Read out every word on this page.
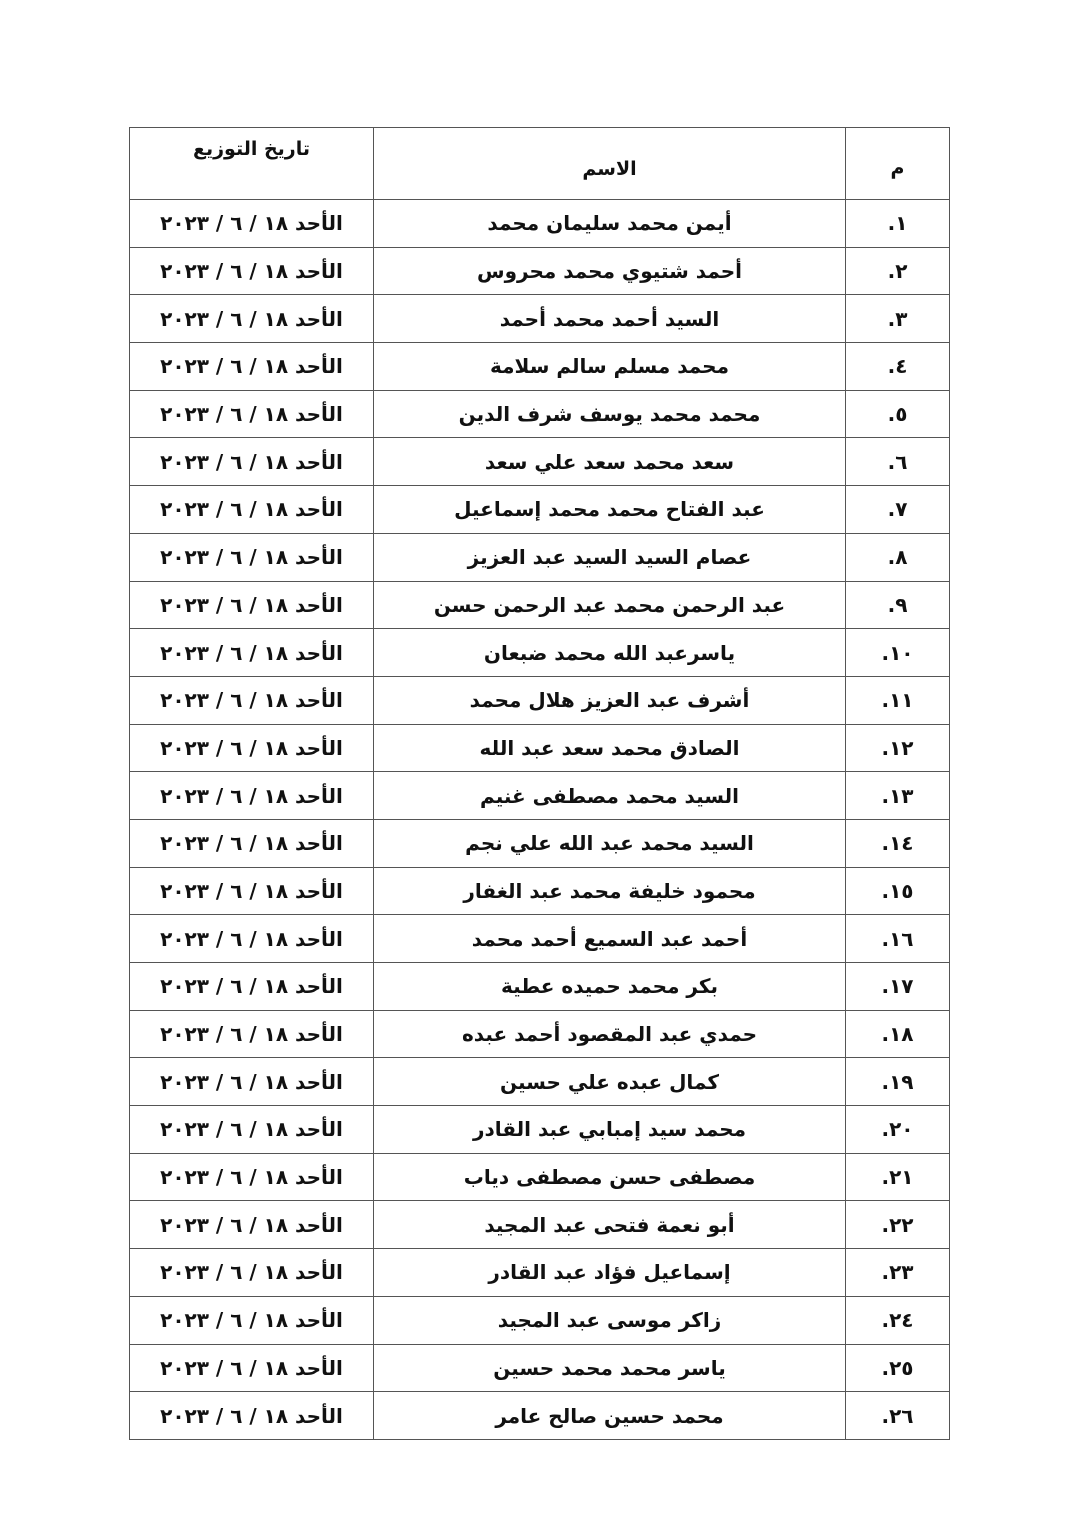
م	الاسم	تاريخ التوزيع
١.	أيمن محمد سليمان محمد	الأحد ١٨ / ٦ / ٢٠٢٣
٢.	أحمد شتيوي محمد محروس	الأحد ١٨ / ٦ / ٢٠٢٣
٣.	السيد أحمد محمد أحمد	الأحد ١٨ / ٦ / ٢٠٢٣
٤.	محمد مسلم سالم سلامة	الأحد ١٨ / ٦ / ٢٠٢٣
٥.	محمد محمد يوسف شرف الدين	الأحد ١٨ / ٦ / ٢٠٢٣
٦.	سعد محمد سعد علي سعد	الأحد ١٨ / ٦ / ٢٠٢٣
٧.	عبد الفتاح محمد محمد إسماعيل	الأحد ١٨ / ٦ / ٢٠٢٣
٨.	عصام السيد السيد عبد العزيز	الأحد ١٨ / ٦ / ٢٠٢٣
٩.	عبد الرحمن محمد عبد الرحمن حسن	الأحد ١٨ / ٦ / ٢٠٢٣
١٠.	ياسرعبد الله محمد ضبعان	الأحد ١٨ / ٦ / ٢٠٢٣
١١.	أشرف عبد العزيز هلال محمد	الأحد ١٨ / ٦ / ٢٠٢٣
١٢.	الصادق محمد سعد عبد الله	الأحد ١٨ / ٦ / ٢٠٢٣
١٣.	السيد محمد مصطفى غنيم	الأحد ١٨ / ٦ / ٢٠٢٣
١٤.	السيد محمد عبد الله علي نجم	الأحد ١٨ / ٦ / ٢٠٢٣
١٥.	محمود خليفة محمد عبد الغفار	الأحد ١٨ / ٦ / ٢٠٢٣
١٦.	أحمد عبد السميع أحمد محمد	الأحد ١٨ / ٦ / ٢٠٢٣
١٧.	بكر محمد حميده عطية	الأحد ١٨ / ٦ / ٢٠٢٣
١٨.	حمدي عبد المقصود أحمد عبده	الأحد ١٨ / ٦ / ٢٠٢٣
١٩.	كمال عبده علي حسين	الأحد ١٨ / ٦ / ٢٠٢٣
٢٠.	محمد سيد إمبابي عبد القادر	الأحد ١٨ / ٦ / ٢٠٢٣
٢١.	مصطفى حسن مصطفى دياب	الأحد ١٨ / ٦ / ٢٠٢٣
٢٢.	أبو نعمة فتحى عبد المجيد	الأحد ١٨ / ٦ / ٢٠٢٣
٢٣.	إسماعيل فؤاد عبد القادر	الأحد ١٨ / ٦ / ٢٠٢٣
٢٤.	زاكر موسى عبد المجيد	الأحد ١٨ / ٦ / ٢٠٢٣
٢٥.	ياسر محمد محمد حسين	الأحد ١٨ / ٦ / ٢٠٢٣
٢٦.	محمد حسين صالح عامر	الأحد ١٨ / ٦ / ٢٠٢٣
